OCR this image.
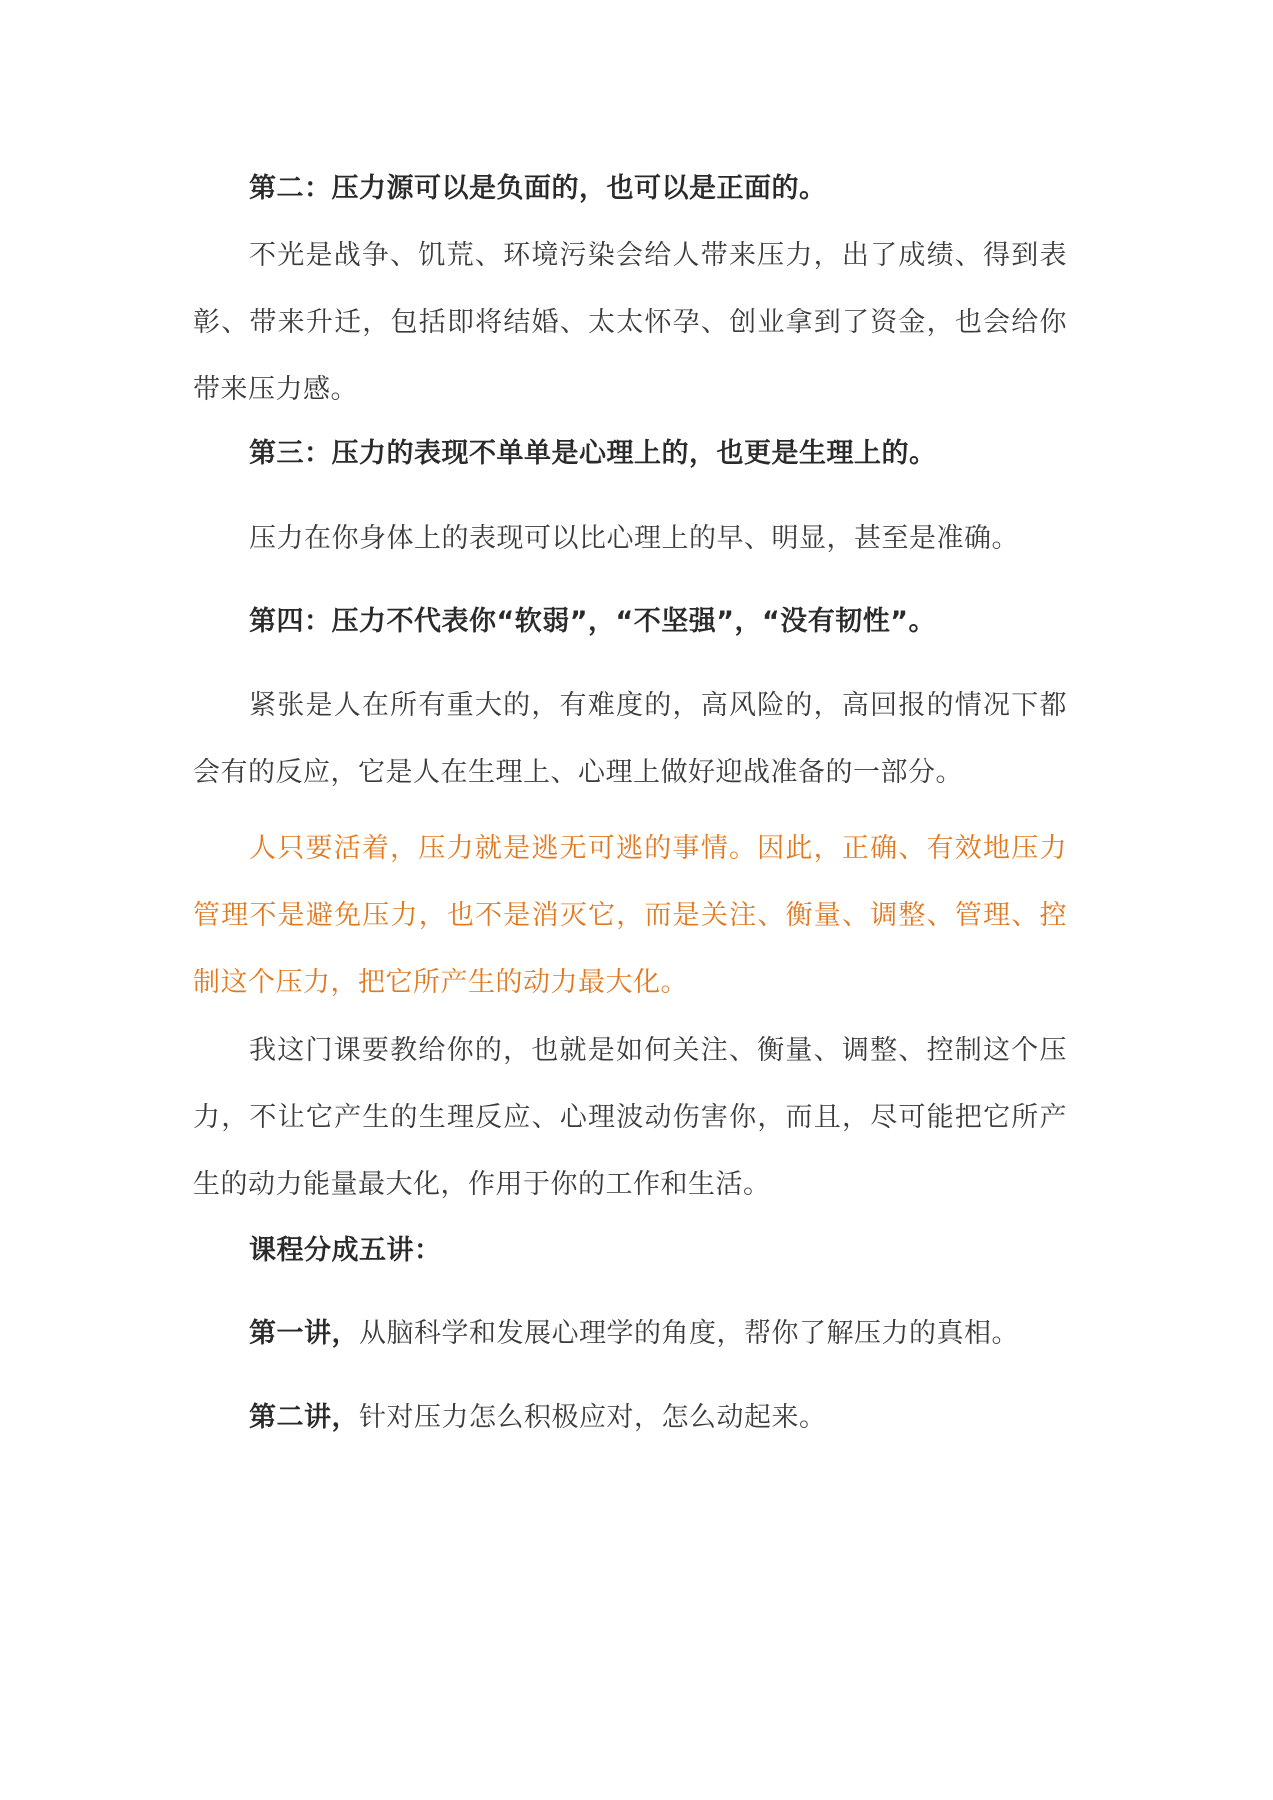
第二：压力源可以是负面的，也可以是正面的。

不光是战争、饥荒、环境污染会给人带来压力，出了成绩、得到表彰、带来升迁，包括即将结婚、太太怀孕、创业拿到了资金，也会给你带来压力感。

第三：压力的表现不单单是心理上的，也更是生理上的。

压力在你身体上的表现可以比心理上的早、明显，甚至是准确。

第四：压力不代表你“软弱”，“不坚强”，“没有韧性”。

紧张是人在所有重大的，有难度的，高风险的，高回报的情况下都会有的反应，它是人在生理上、心理上做好迎战准备的一部分。

人只要活着，压力就是逃无可逃的事情。因此，正确、有效地压力管理不是避免压力，也不是消灭它，而是关注、衡量、调整、管理、控制这个压力，把它所产生的动力最大化。

我这门课要教给你的，也就是如何关注、衡量、调整、控制这个压力，不让它产生的生理反应、心理波动伤害你，而且，尽可能把它所产生的动力能量最大化，作用于你的工作和生活。

课程分成五讲：

第一讲，从脑科学和发展心理学的角度，帮你了解压力的真相。

第二讲，针对压力怎么积极应对，怎么动起来。
